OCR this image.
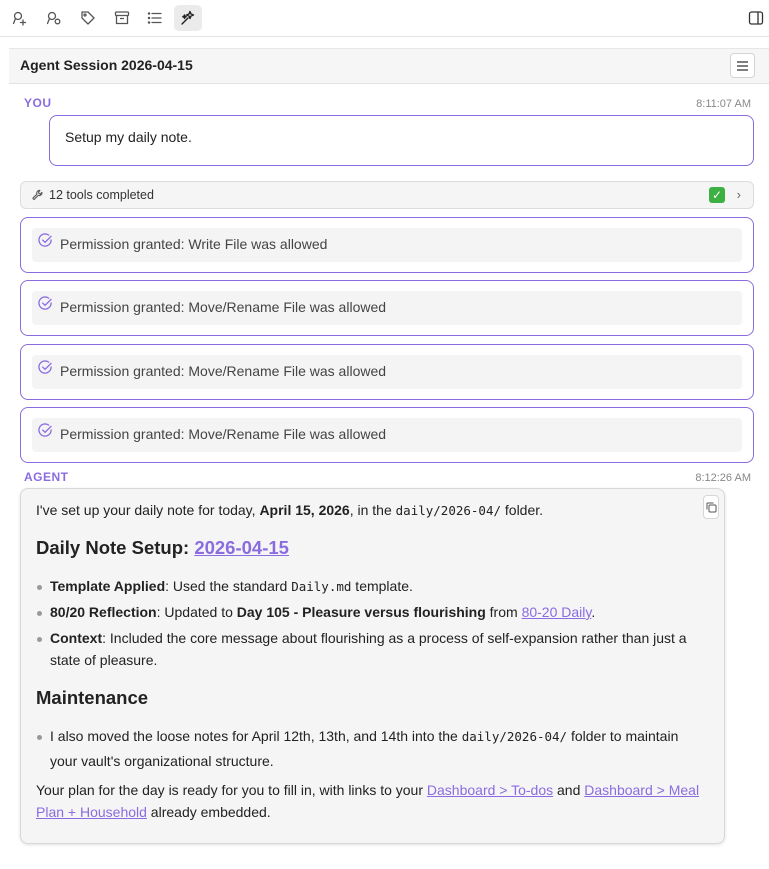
Agent Session 2026-04-15
YOU	8:11:07 AM
Setup my daily note.
12 tools completed	✓ ›
Permission granted: Write File was allowed
Permission granted: Move/Rename File was allowed
Permission granted: Move/Rename File was allowed
Permission granted: Move/Rename File was allowed
AGENT	8:12:26 AM
I've set up your daily note for today, April 15, 2026, in the daily/2026-04/ folder.
Daily Note Setup: 2026-04-15
Template Applied: Used the standard Daily.md template.
80/20 Reflection: Updated to Day 105 - Pleasure versus flourishing from 80-20 Daily.
Context: Included the core message about flourishing as a process of self-expansion rather than just a
state of pleasure.
Maintenance
I also moved the loose notes for April 12th, 13th, and 14th into the daily/2026-04/ folder to maintain
your vault's organizational structure.
Your plan for the day is ready for you to fill in, with links to your Dashboard > To-dos and Dashboard > Meal
Plan + Household already embedded.
